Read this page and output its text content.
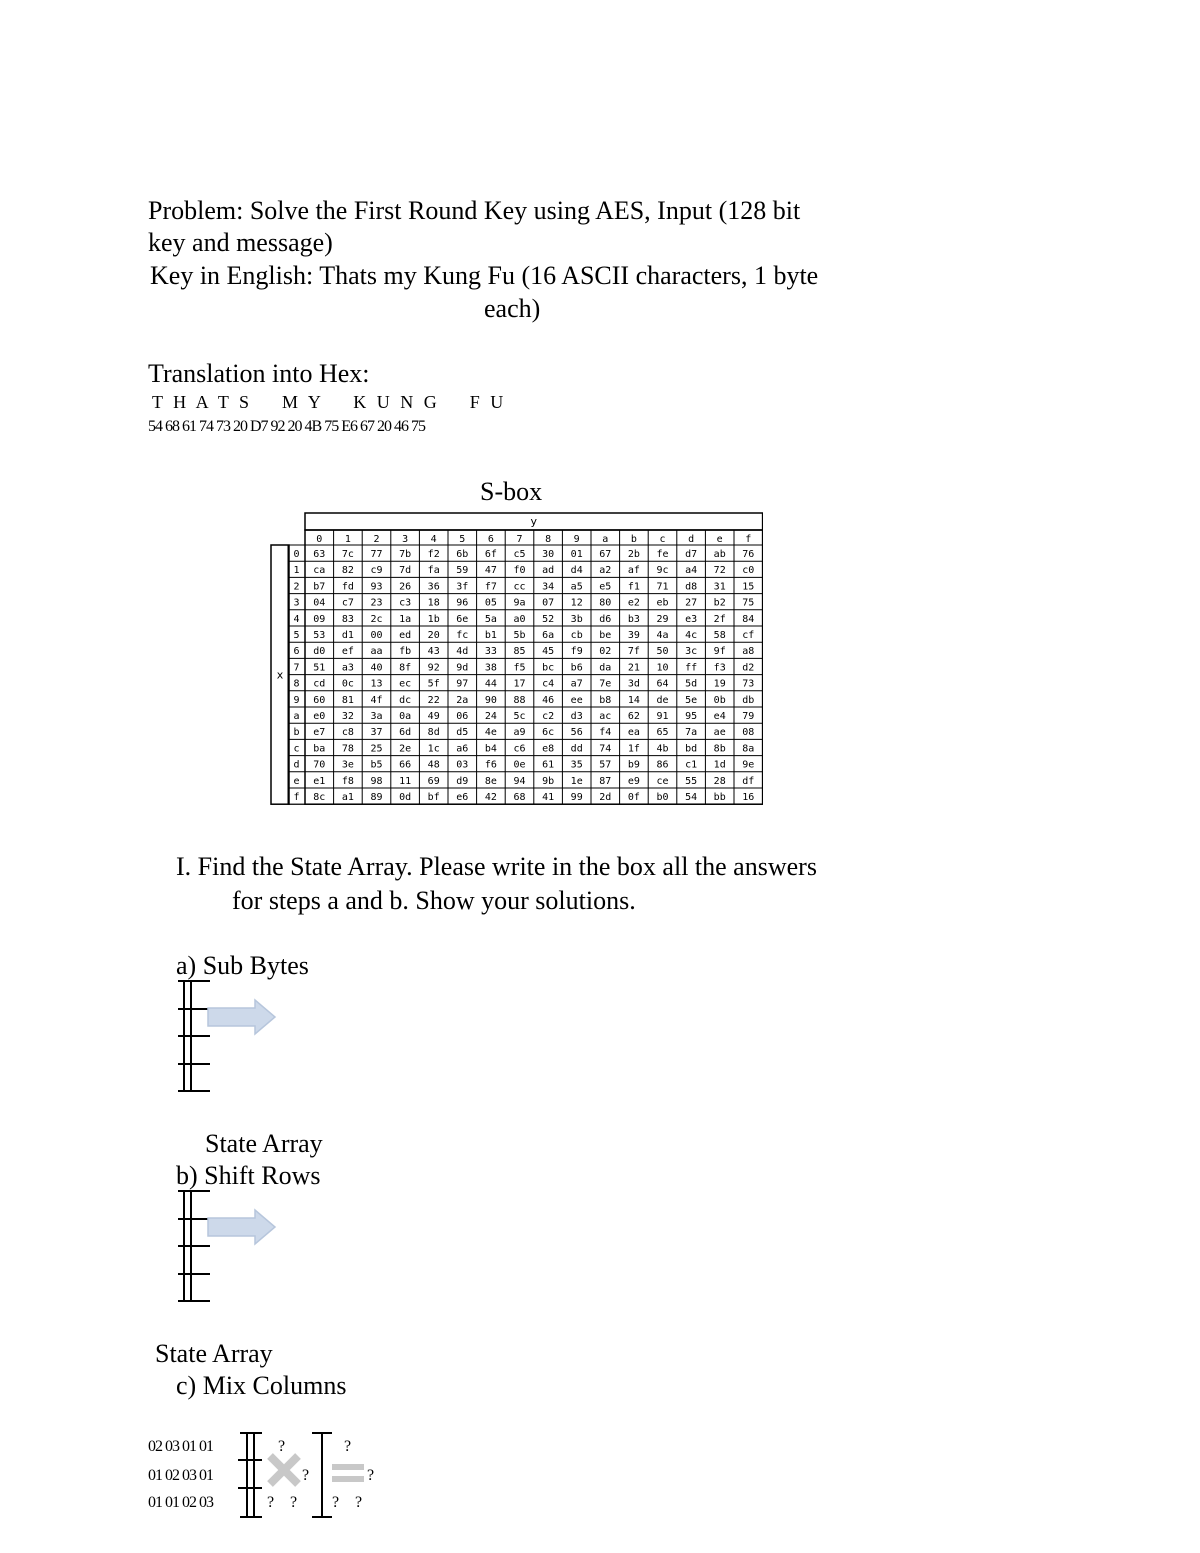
Problem: Solve the First Round Key using AES, Input (128 bit
key and message)
Key in English: Thats my Kung Fu (16 ASCII characters, 1 byte
each)
Translation into Hex:
T H A T S    M Y    K U N G    F U
54 68 61 74 73 20 D7 92 20 4B 75 E6 67 20 46 75
S-box
y
x
0 1 2 3 4 5 6 7 8 9 a b c d e f
0 63 7c 77 7b f2 6b 6f c5 30 01 67 2b fe d7 ab 76
1 ca 82 c9 7d fa 59 47 f0 ad d4 a2 af 9c a4 72 c0
2 b7 fd 93 26 36 3f f7 cc 34 a5 e5 f1 71 d8 31 15
3 04 c7 23 c3 18 96 05 9a 07 12 80 e2 eb 27 b2 75
4 09 83 2c 1a 1b 6e 5a a0 52 3b d6 b3 29 e3 2f 84
5 53 d1 00 ed 20 fc b1 5b 6a cb be 39 4a 4c 58 cf
6 d0 ef aa fb 43 4d 33 85 45 f9 02 7f 50 3c 9f a8
7 51 a3 40 8f 92 9d 38 f5 bc b6 da 21 10 ff f3 d2
8 cd 0c 13 ec 5f 97 44 17 c4 a7 7e 3d 64 5d 19 73
9 60 81 4f dc 22 2a 90 88 46 ee b8 14 de 5e 0b db
a e0 32 3a 0a 49 06 24 5c c2 d3 ac 62 91 95 e4 79
b e7 c8 37 6d 8d d5 4e a9 6c 56 f4 ea 65 7a ae 08
c ba 78 25 2e 1c a6 b4 c6 e8 dd 74 1f 4b bd 8b 8a
d 70 3e b5 66 48 03 f6 0e 61 35 57 b9 86 c1 1d 9e
e e1 f8 98 11 69 d9 8e 94 9b 1e 87 e9 ce 55 28 df
f 8c a1 89 0d bf e6 42 68 41 99 2d 0f b0 54 bb 16
I. Find the State Array. Please write in the box all the answers
for steps a and b. Show your solutions.
a) Sub Bytes
State Array
b) Shift Rows
State Array
c) Mix Columns
02 03 01 01
01 02 03 01
01 01 02 03
?	?
?	?
? ? ? ?
